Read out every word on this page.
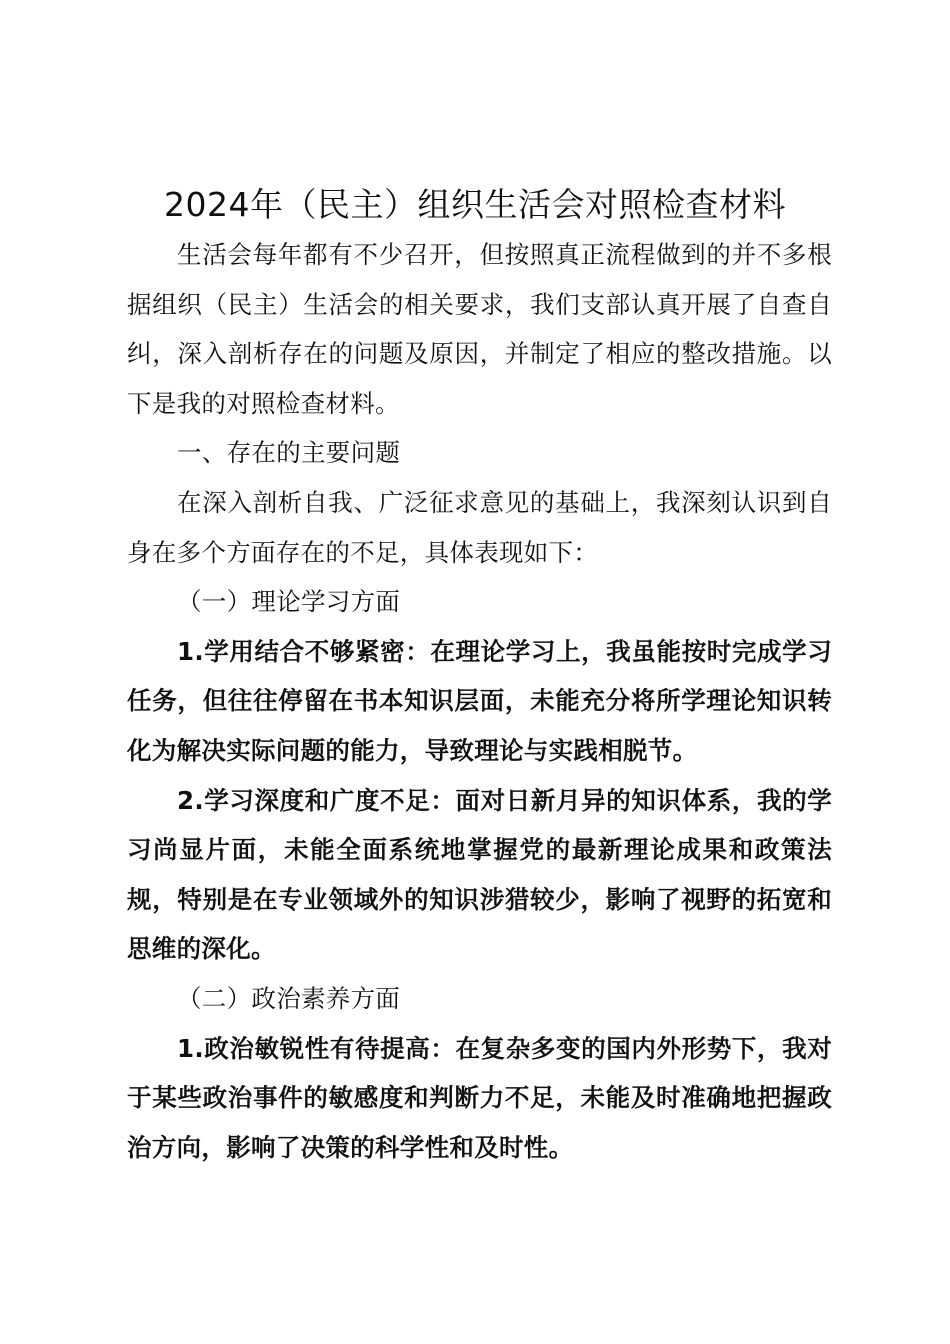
2024年（民主）组织生活会对照检查材料

生活会每年都有不少召开，但按照真正流程做到的并不多根据组织（民主）生活会的相关要求，我们支部认真开展了自查自纠，深入剖析存在的问题及原因，并制定了相应的整改措施。以下是我的对照检查材料。

一、存在的主要问题

在深入剖析自我、广泛征求意见的基础上，我深刻认识到自身在多个方面存在的不足，具体表现如下：

（一）理论学习方面

1.学用结合不够紧密：在理论学习上，我虽能按时完成学习任务，但往往停留在书本知识层面，未能充分将所学理论知识转化为解决实际问题的能力，导致理论与实践相脱节。

2.学习深度和广度不足：面对日新月异的知识体系，我的学习尚显片面，未能全面系统地掌握党的最新理论成果和政策法规，特别是在专业领域外的知识涉猎较少，影响了视野的拓宽和思维的深化。

（二）政治素养方面

1.政治敏锐性有待提高：在复杂多变的国内外形势下，我对于某些政治事件的敏感度和判断力不足，未能及时准确地把握政治方向，影响了决策的科学性和及时性。
